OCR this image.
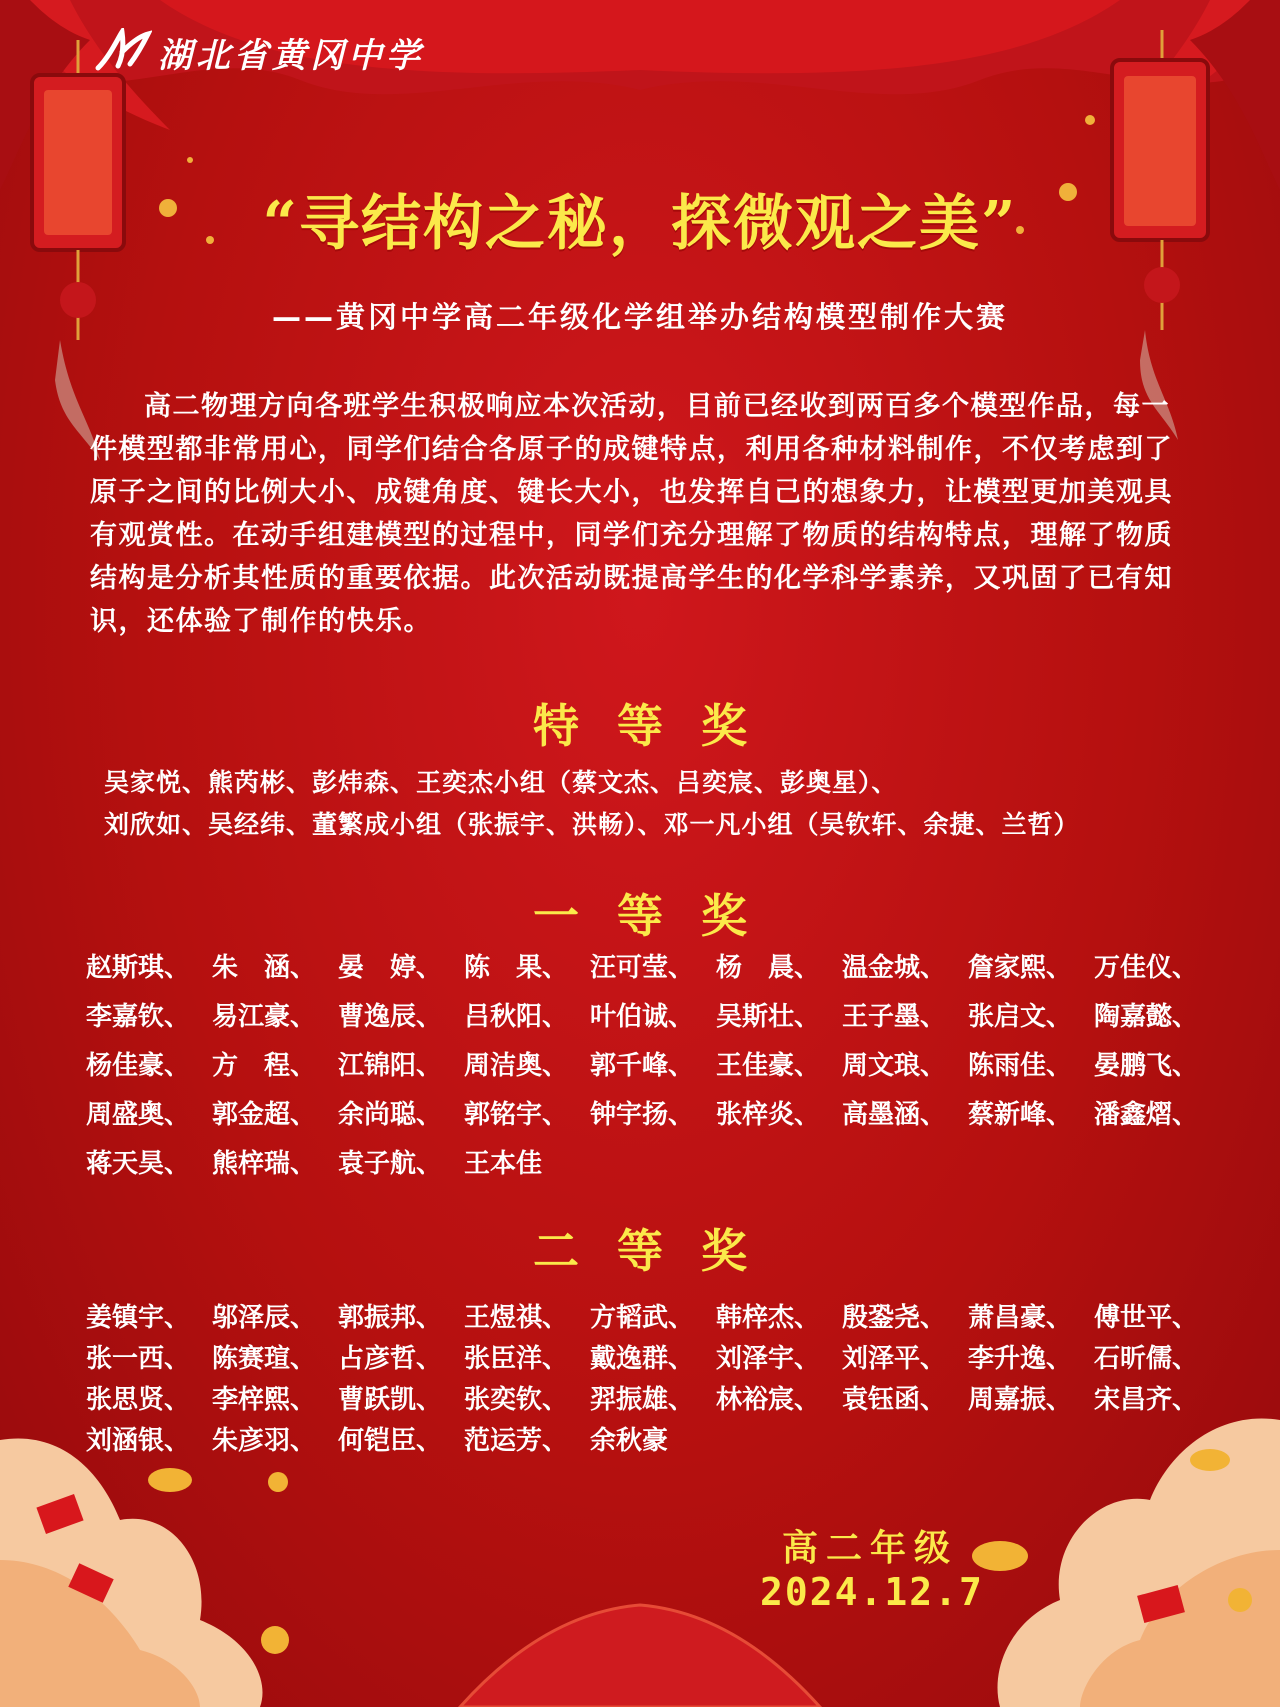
湖北省黄冈中学
“寻结构之秘，探微观之美”
——黄冈中学高二年级化学组举办结构模型制作大赛

高二物理方向各班学生积极响应本次活动，目前已经收到两百多个模型作品，每一件模型都非常用心，同学们结合各原子的成键特点，利用各种材料制作，不仅考虑到了原子之间的比例大小、成键角度、键长大小，也发挥自己的想象力，让模型更加美观具有观赏性。在动手组建模型的过程中，同学们充分理解了物质的结构特点，理解了物质结构是分析其性质的重要依据。此次活动既提高学生的化学科学素养，又巩固了已有知识，还体验了制作的快乐。

特等奖
吴家悦、熊芮彬、彭炜森、王奕杰小组（蔡文杰、吕奕宸、彭奥星）、
刘欣如、吴经纬、董繁成小组（张振宇、洪畅）、邓一凡小组（吴钦轩、余捷、兰哲）
一等奖
赵斯琪、 朱　涵、 晏　婷、 陈　果、 汪可莹、 杨　晨、 温金城、 詹家熙、 万佳仪、
李嘉钦、 易江豪、 曹逸辰、 吕秋阳、 叶伯诚、 吴斯壮、 王子墨、 张启文、 陶嘉懿、
杨佳豪、 方　程、 江锦阳、 周洁奥、 郭千峰、 王佳豪、 周文琅、 陈雨佳、 晏鹏飞、
周盛奥、 郭金超、 余尚聪、 郭铭宇、 钟宇扬、 张梓炎、 高墨涵、 蔡新峰、 潘鑫熠、
蒋天昊、 熊梓瑞、 袁子航、 王本佳
二等奖
姜镇宇、 邬泽辰、 郭振邦、 王煜祺、 方韬武、 韩梓杰、 殷銎尧、 萧昌豪、 傅世平、
张一西、 陈赛瑄、 占彦哲、 张臣洋、 戴逸群、 刘泽宇、 刘泽平、 李升逸、 石昕儒、
张思贤、 李梓熙、 曹跃凯、 张奕钦、 羿振雄、 林裕宸、 袁钰函、 周嘉振、 宋昌齐、
刘涵银、 朱彦羽、 何铠臣、 范运芳、 余秋豪
高二年级
2024.12.7
